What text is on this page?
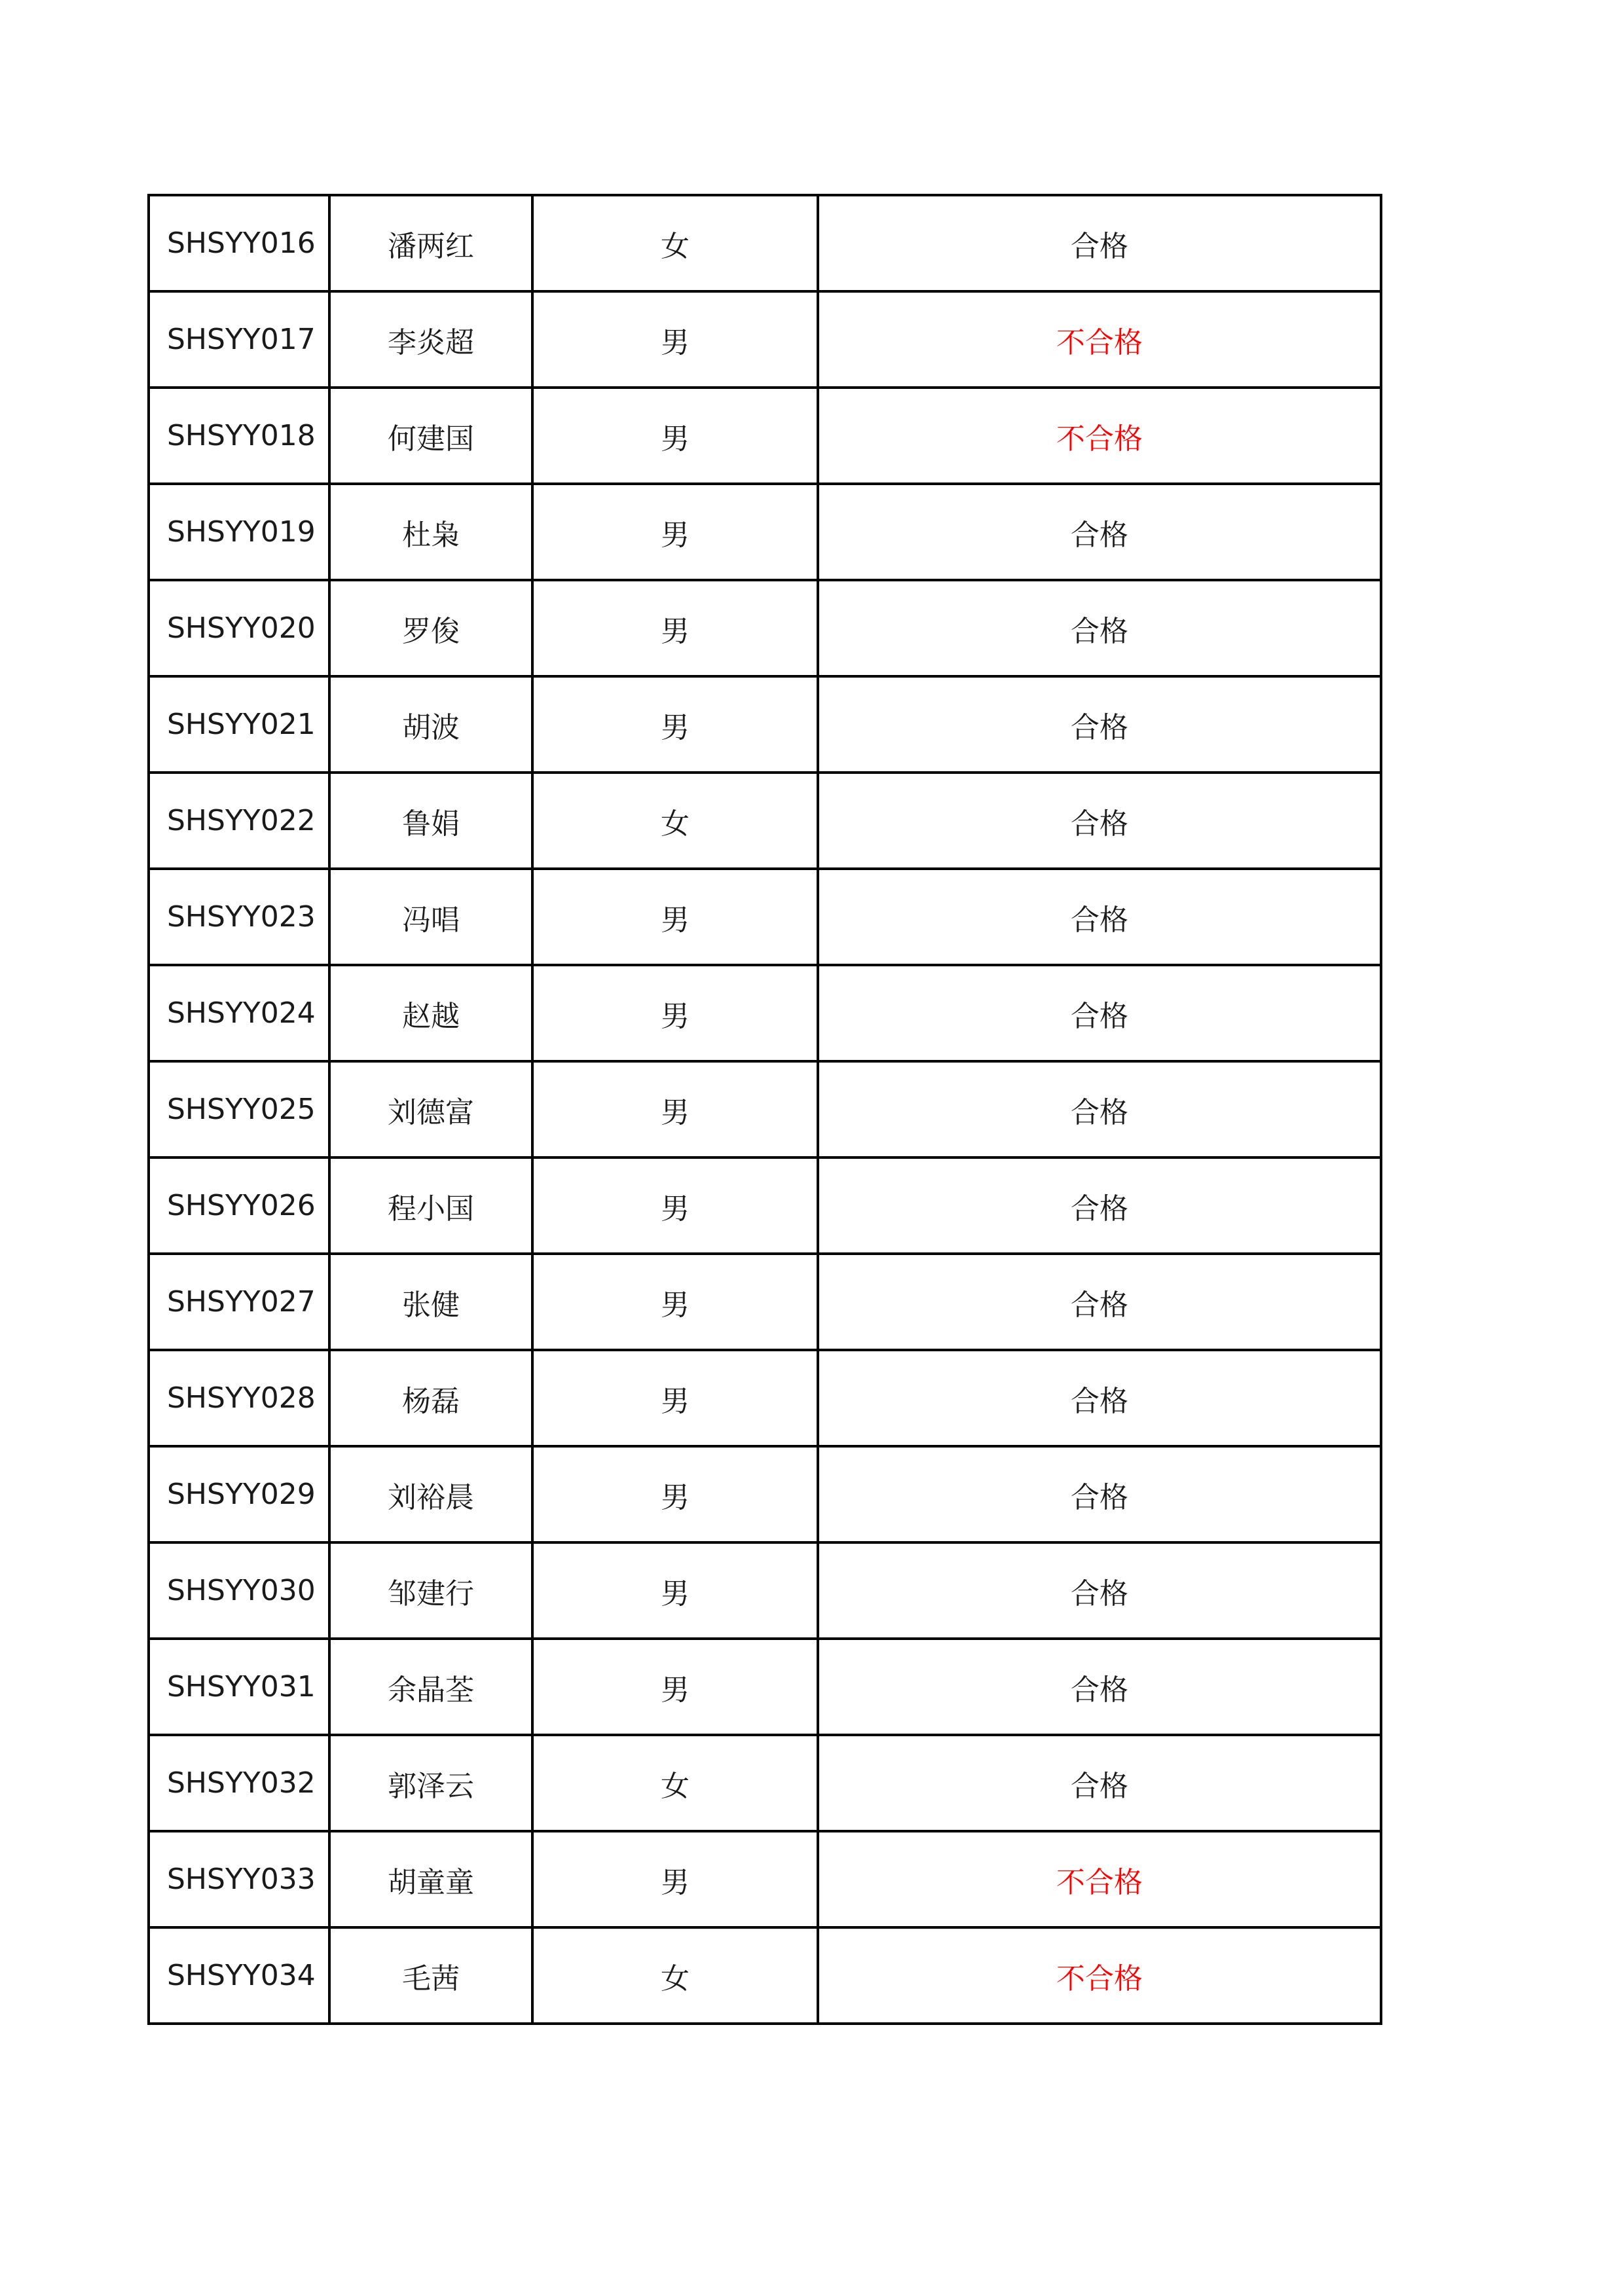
SHSYY016	潘两红	女	合格
SHSYY017	李炎超	男	不合格
SHSYY018	何建国	男	不合格
SHSYY019	杜枭	男	合格
SHSYY020	罗俊	男	合格
SHSYY021	胡波	男	合格
SHSYY022	鲁娟	女	合格
SHSYY023	冯唱	男	合格
SHSYY024	赵越	男	合格
SHSYY025	刘德富	男	合格
SHSYY026	程小国	男	合格
SHSYY027	张健	男	合格
SHSYY028	杨磊	男	合格
SHSYY029	刘裕晨	男	合格
SHSYY030	邹建行	男	合格
SHSYY031	余晶荃	男	合格
SHSYY032	郭泽云	女	合格
SHSYY033	胡童童	男	不合格
SHSYY034	毛茜	女	不合格
